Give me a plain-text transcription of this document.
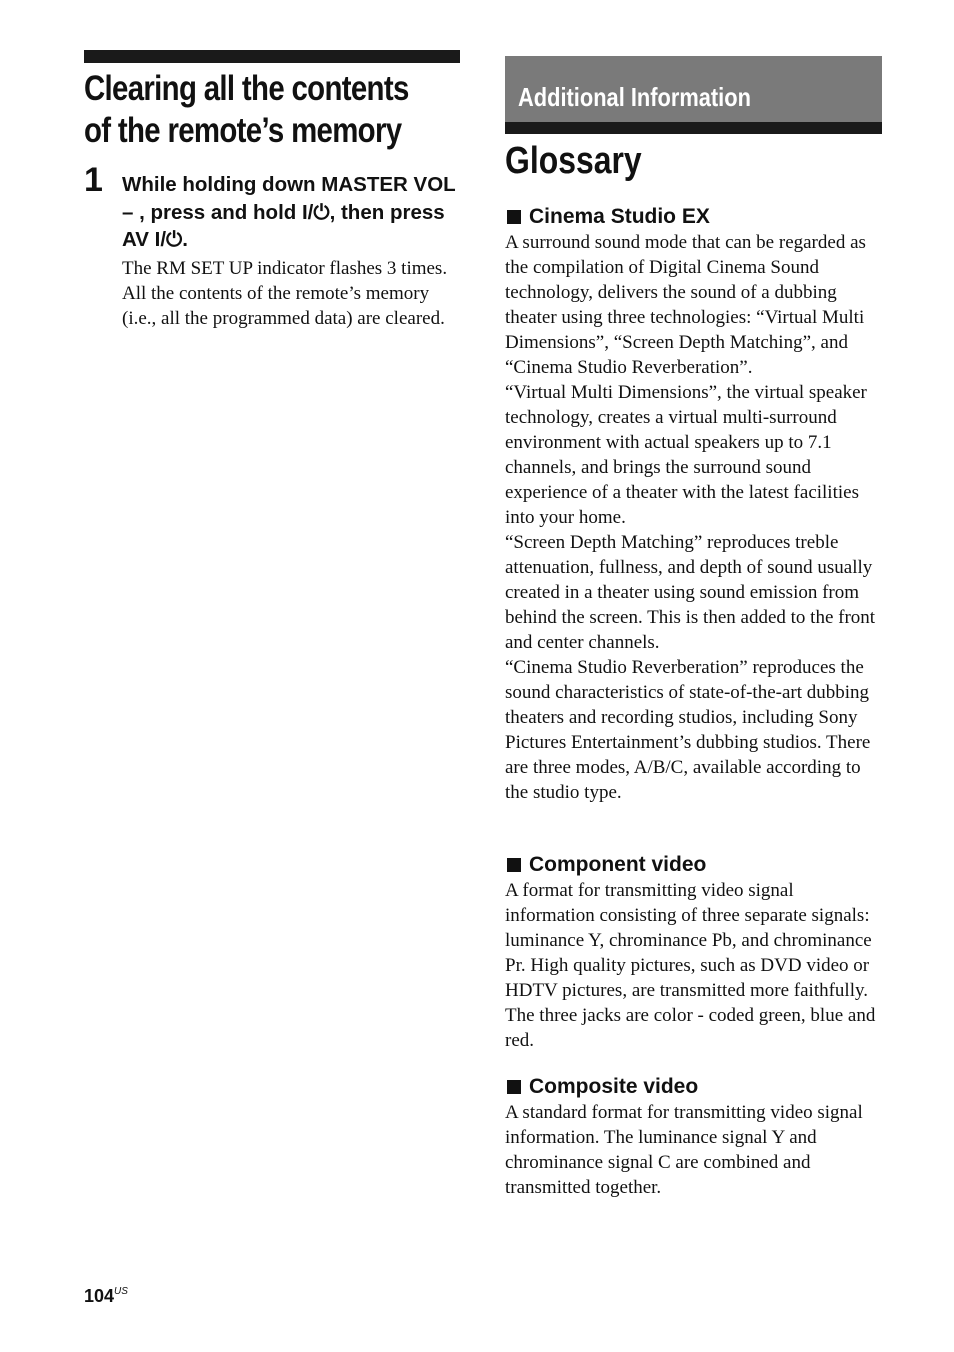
Clearing all the contents
of the remote’s memory
1 While holding down MASTER VOL – , press and hold I/⏻, then press AV I/⏻.

The RM SET UP indicator flashes 3 times.

All the contents of the remote’s memory (i.e., all the programmed data) are cleared.

Additional Information
Glossary
Cinema Studio EX

A surround sound mode that can be regarded as the compilation of Digital Cinema Sound technology, delivers the sound of a dubbing theater using three technologies: “Virtual Multi Dimensions”, “Screen Depth Matching”, and “Cinema Studio Reverberation”.

“Virtual Multi Dimensions”, the virtual speaker technology, creates a virtual multi-surround environment with actual speakers up to 7.1 channels, and brings the surround sound experience of a theater with the latest facilities into your home.

“Screen Depth Matching” reproduces treble attenuation, fullness, and depth of sound usually created in a theater using sound emission from behind the screen. This is then added to the front and center channels.

“Cinema Studio Reverberation” reproduces the sound characteristics of state-of-the-art dubbing theaters and recording studios, including Sony Pictures Entertainment’s dubbing studios. There are three modes, A/B/C, available according to the studio type.

Component video

A format for transmitting video signal information consisting of three separate signals: luminance Y, chrominance Pb, and chrominance Pr. High quality pictures, such as DVD video or HDTV pictures, are transmitted more faithfully. The three jacks are color - coded green, blue and red.

Composite video

A standard format for transmitting video signal information. The luminance signal Y and chrominance signal C are combined and transmitted together.

$104^{US}$
